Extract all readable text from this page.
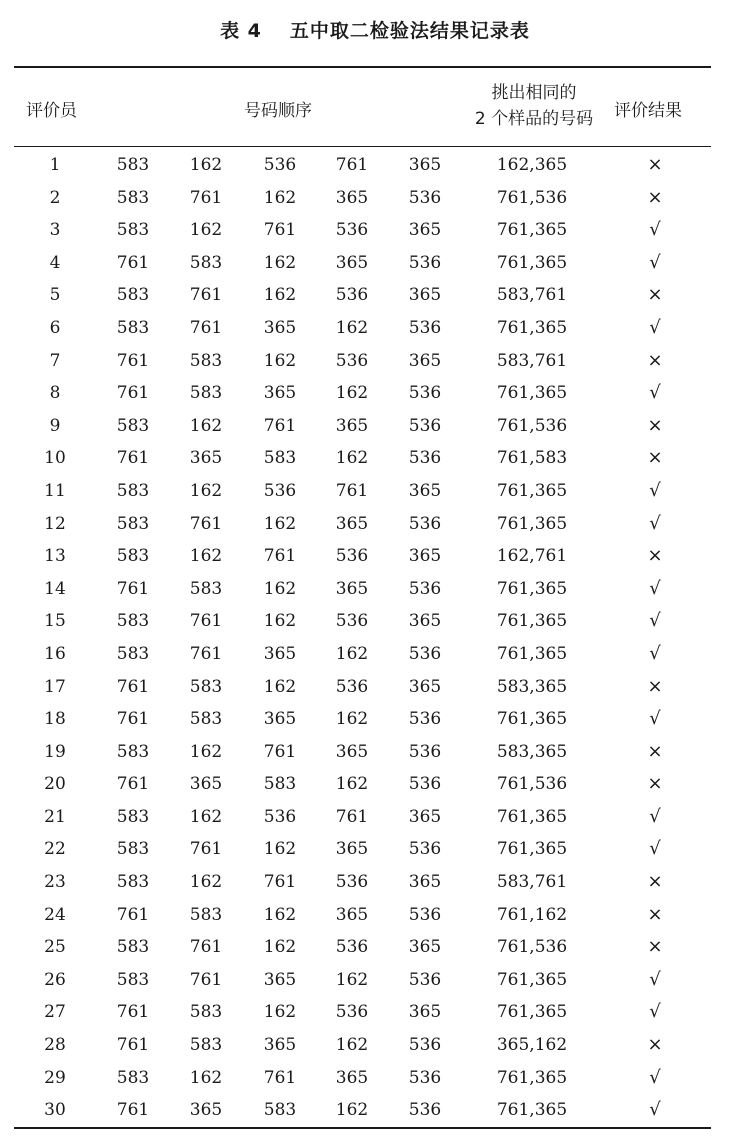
表 4 五中取二检验法结果记录表
评价员	号码顺序
挑出相同的
2 个样品的号码	评价结果
1	583	162	536	761	365	162,365	×
2	583	761	162	365	536	761,536	×
3	583	162	761	536	365	761,365	√
4	761	583	162	365	536	761,365	√
5	583	761	162	536	365	583,761	×
6	583	761	365	162	536	761,365	√
7	761	583	162	536	365	583,761	×
8	761	583	365	162	536	761,365	√
9	583	162	761	365	536	761,536	×
10	761	365	583	162	536	761,583	×
11	583	162	536	761	365	761,365	√
12	583	761	162	365	536	761,365	√
13	583	162	761	536	365	162,761	×
14	761	583	162	365	536	761,365	√
15	583	761	162	536	365	761,365	√
16	583	761	365	162	536	761,365	√
17	761	583	162	536	365	583,365	×
18	761	583	365	162	536	761,365	√
19	583	162	761	365	536	583,365	×
20	761	365	583	162	536	761,536	×
21	583	162	536	761	365	761,365	√
22	583	761	162	365	536	761,365	√
23	583	162	761	536	365	583,761	×
24	761	583	162	365	536	761,162	×
25	583	761	162	536	365	761,536	×
26	583	761	365	162	536	761,365	√
27	761	583	162	536	365	761,365	√
28	761	583	365	162	536	365,162	×
29	583	162	761	365	536	761,365	√
30	761	365	583	162	536	761,365	√
